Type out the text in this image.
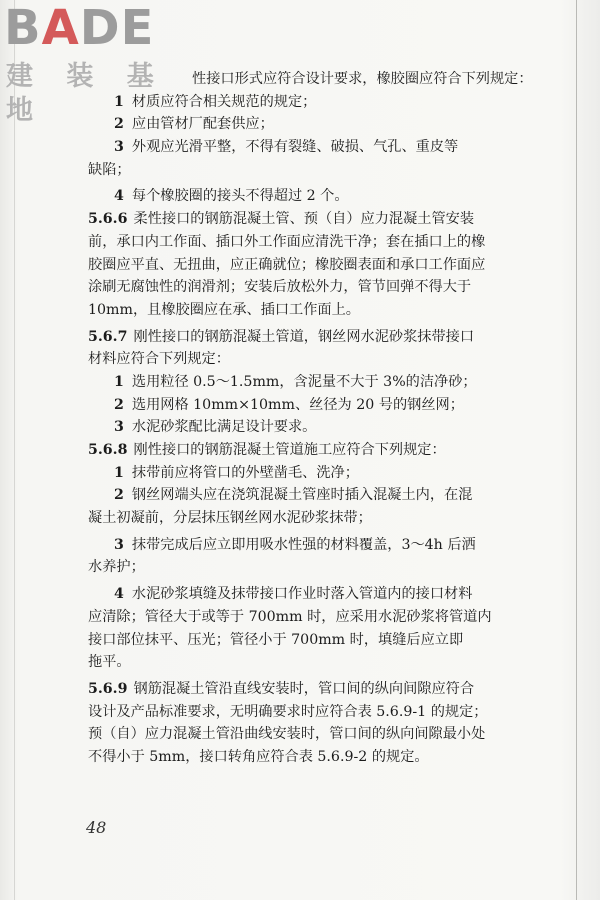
BADE
建 装 基 地
性接口形式应符合设计要求，橡胶圈应符合下列规定：
1 材质应符合相关规范的规定；
2 应由管材厂配套供应；
3 外观应光滑平整，不得有裂缝、破损、气孔、重皮等
缺陷；
4 每个橡胶圈的接头不得超过 2 个。
5.6.6 柔性接口的钢筋混凝土管、预（自）应力混凝土管安装
前，承口内工作面、插口外工作面应清洗干净；套在插口上的橡
胶圈应平直、无扭曲，应正确就位；橡胶圈表面和承口工作面应
涂刷无腐蚀性的润滑剂；安装后放松外力，管节回弹不得大于
10mm，且橡胶圈应在承、插口工作面上。
5.6.7 刚性接口的钢筋混凝土管道，钢丝网水泥砂浆抹带接口
材料应符合下列规定：
1 选用粒径 0.5～1.5mm，含泥量不大于 3%的洁净砂；
2 选用网格 10mm×10mm、丝径为 20 号的钢丝网；
3 水泥砂浆配比满足设计要求。
5.6.8 刚性接口的钢筋混凝土管道施工应符合下列规定：
1 抹带前应将管口的外壁凿毛、洗净；
2 钢丝网端头应在浇筑混凝土管座时插入混凝土内，在混
凝土初凝前，分层抹压钢丝网水泥砂浆抹带；
3 抹带完成后应立即用吸水性强的材料覆盖，3～4h 后洒
水养护；
4 水泥砂浆填缝及抹带接口作业时落入管道内的接口材料
应清除；管径大于或等于 700mm 时，应采用水泥砂浆将管道内
接口部位抹平、压光；管径小于 700mm 时，填缝后应立即
拖平。
5.6.9 钢筋混凝土管沿直线安装时，管口间的纵向间隙应符合
设计及产品标准要求，无明确要求时应符合表 5.6.9-1 的规定；
预（自）应力混凝土管沿曲线安装时，管口间的纵向间隙最小处
不得小于 5mm，接口转角应符合表 5.6.9-2 的规定。
48
